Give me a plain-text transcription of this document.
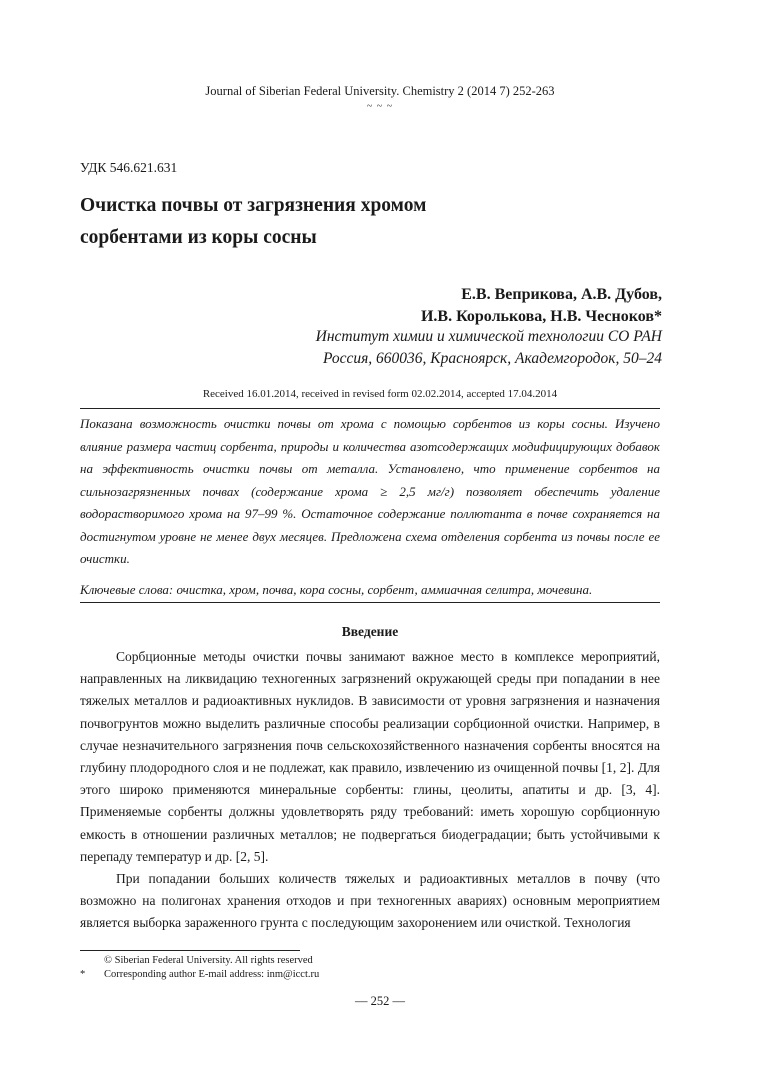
Journal of Siberian Federal University. Chemistry 2 (2014 7) 252-263
~ ~ ~
УДК 546.621.631
Очистка почвы от загрязнения хромом
сорбентами из коры сосны
Е.В. Веприкова, А.В. Дубов,
И.В. Королькова, Н.В. Чесноков*
Институт химии и химической технологии СО РАН
Россия, 660036, Красноярск, Академгородок, 50–24
Received 16.01.2014, received in revised form 02.02.2014, accepted 17.04.2014
Показана возможность очистки почвы от хрома с помощью сорбентов из коры сосны. Изучено влияние размера частиц сорбента, природы и количества азотсодержащих модифицирующих добавок на эффективность очистки почвы от металла. Установлено, что применение сорбентов на сильнозагрязненных почвах (содержание хрома ≥ 2,5 мг/г) позволяет обеспечить удаление водорастворимого хрома на 97–99 %. Остаточное содержание поллютанта в почве сохраняется на достигнутом уровне не менее двух месяцев. Предложена схема отделения сорбента из почвы после ее очистки.
Ключевые слова: очистка, хром, почва, кора сосны, сорбент, аммиачная селитра, мочевина.
Введение

Сорбционные методы очистки почвы занимают важное место в комплексе мероприятий, направленных на ликвидацию техногенных загрязнений окружающей среды при попадании в нее тяжелых металлов и радиоактивных нуклидов. В зависимости от уровня загрязнения и назначения почвогрунтов можно выделить различные способы реализации сорбционной очистки. Например, в случае незначительного загрязнения почв сельскохозяйственного назначения сорбенты вносятся на глубину плодородного слоя и не подлежат, как правило, извлечению из очищенной почвы [1, 2]. Для этого широко применяются минеральные сорбенты: глины, цеолиты, апатиты и др. [3, 4]. Применяемые сорбенты должны удовлетворять ряду требований: иметь хорошую сорбционную емкость в отношении различных металлов; не подвергаться биодеградации; быть устойчивыми к перепаду температур и др. [2, 5].

При попадании больших количеств тяжелых и радиоактивных металлов в почву (что возможно на полигонах хранения отходов и при техногенных авариях) основным мероприятием является выборка зараженного грунта с последующим захоронением или очисткой. Технология

© Siberian Federal University. All rights reserved
*	Corresponding author E-mail address: inm@icct.ru
— 252 —
